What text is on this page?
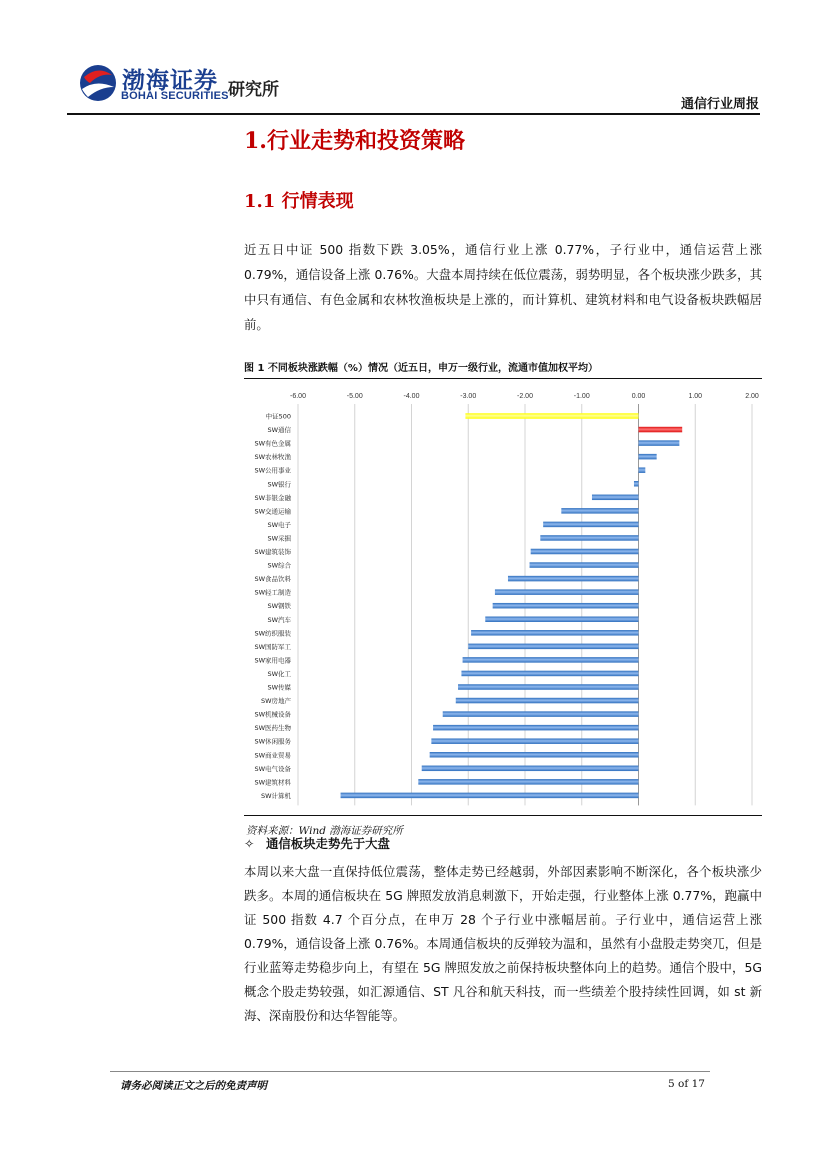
渤海证券
BOHAI SECURITIES 研究所
通信行业周报
1.行业走势和投资策略
1.1 行情表现
近五日中证 500 指数下跌 3.05%，通信行业上涨 0.77%，子行业中，通信运营上涨 0.79%，通信设备上涨 0.76%。大盘本周持续在低位震荡，弱势明显，各个板块涨少跌多，其中只有通信、有色金属和农林牧渔板块是上涨的，而计算机、建筑材料和电气设备板块跌幅居前。
图 1 不同板块涨跌幅（%）情况（近五日，申万一级行业，流通市值加权平均）
-6.00	-5.00	-4.00	-3.00	-2.00	-1.00	0.00	1.00	2.00
中证500
SW通信
SW有色金属
SW农林牧渔
SW公用事业
SW银行
SW非银金融
SW交通运输
SW电子
SW采掘
SW建筑装饰
SW综合
SW食品饮料
SW轻工制造
SW钢铁
SW汽车
SW纺织服装
SW国防军工
SW家用电器
SW化工
SW传媒
SW房地产
SW机械设备
SW医药生物
SW休闲服务
SW商业贸易
SW电气设备
SW建筑材料
SW计算机
资料来源：Wind 渤海证券研究所
✧ 通信板块走势先于大盘
本周以来大盘一直保持低位震荡，整体走势已经越弱，外部因素影响不断深化，各个板块涨少跌多。本周的通信板块在 5G 牌照发放消息刺激下，开始走强，行业整体上涨 0.77%，跑赢中证 500 指数 4.7 个百分点，在申万 28 个子行业中涨幅居前。子行业中，通信运营上涨 0.79%，通信设备上涨 0.76%。本周通信板块的反弹较为温和，虽然有小盘股走势突兀，但是行业蓝筹走势稳步向上，有望在 5G 牌照发放之前保持板块整体向上的趋势。通信个股中，5G 概念个股走势较强，如汇源通信、ST 凡谷和航天科技，而一些绩差个股持续性回调，如 st 新海、深南股份和达华智能等。
请务必阅读正文之后的免责声明	5 of 17
